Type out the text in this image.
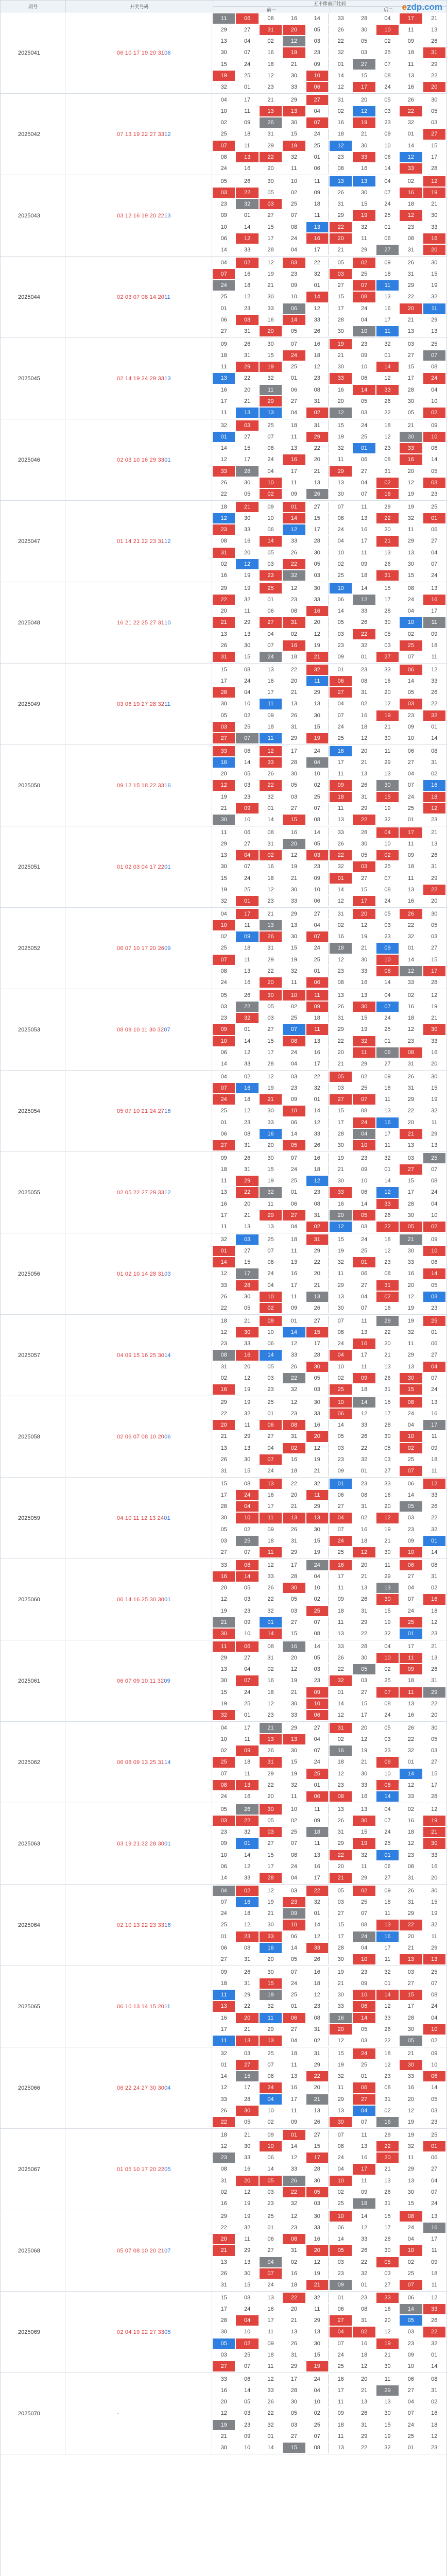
期号	开奖号码
五不像前后比较
前一	后二	ezdp.com
2025041	06 10 17 19 20 31 06
11	06	08	16	14	33	28	04	17	21
29	27	31	20	05	26	30	10	11	13
13	04	02	12	03	22	05	02	09	26
30	07	16	19	23	32	03	25	18	31
15	24	18	21	09	01	27	07	11	29
19	25	12	30	10	14	15	08	13	22
32	01	23	33	06	12	17	24	16	20
2025042	07 13 19 22 27 33 12
04	17	21	29	27	31	20	05	26	30
10	11	13	13	04	02	12	03	22	05
02	09	26	30	07	16	19	23	32	03
25	18	31	15	24	18	21	09	01	27
07	11	29	19	25	12	30	10	14	15
08	13	22	32	01	23	33	06	12	17
24	16	20	11	06	08	16	14	33	28
2025043	03 12 16 19 20 22 13
05	26	30	10	11	13	13	04	02	12
03	22	05	02	09	26	30	07	16	19
23	32	03	25	18	31	15	24	18	21
09	01	27	07	11	29	19	25	12	30
10	14	15	08	13	22	32	01	23	33
06	12	17	24	16	20	11	06	08	16
14	33	28	04	17	21	29	27	31	20
2025044	02 03 07 08 14 20 11
04	02	12	03	22	05	02	09	26	30
07	16	19	23	32	03	25	18	31	15
24	18	21	09	01	27	07	11	29	19
25	12	30	10	14	15	08	13	22	32
01	23	33	06	12	17	24	16	20	11
06	08	16	14	33	28	04	17	21	29
27	31	20	05	26	30	10	11	13	13
2025045	02 14 19 24 29 33 13
09	26	30	07	16	19	23	32	03	25
18	31	15	24	18	21	09	01	27	07
11	29	19	25	12	30	10	14	15	08
13	22	32	01	23	33	06	12	17	24
16	20	11	06	08	16	14	33	28	04
17	21	29	27	31	20	05	26	30	10
11	13	13	04	02	12	03	22	05	02
2025046	02 03 10 16 29 33 01
32	03	25	18	31	15	24	18	21	09
01	27	07	11	29	19	25	12	30	10
14	15	08	13	22	32	01	23	33	06
12	17	24	16	20	11	06	08	16	14
33	28	04	17	21	29	27	31	20	05
26	30	10	11	13	13	04	02	12	03
22	05	02	09	26	30	07	16	19	23
2025047	01 14 21 22 23 31 12
18	21	09	01	27	07	11	29	19	25
12	30	10	14	15	08	13	22	32	01
23	33	06	12	17	24	16	20	11	06
08	16	14	33	28	04	17	21	29	27
31	20	05	26	30	10	11	13	13	04
02	12	03	22	05	02	09	26	30	07
16	19	23	32	03	25	18	31	15	24
2025048	16 21 22 25 27 31 10
29	19	25	12	30	10	14	15	08	13
22	32	01	23	33	06	12	17	24	16
20	11	06	08	16	14	33	28	04	17
21	29	27	31	20	05	26	30	10	11
13	13	04	02	12	03	22	05	02	09
26	30	07	16	19	23	32	03	25	18
31	15	24	18	21	09	01	27	07	11
2025049	03 06 19 27 28 32 11
15	08	13	22	32	01	23	33	06	12
17	24	16	20	11	06	08	16	14	33
28	04	17	21	29	27	31	20	05	26
30	10	11	13	13	04	02	12	03	22
05	02	09	26	30	07	16	19	23	32
03	25	18	31	15	24	18	21	09	01
27	07	11	29	19	25	12	30	10	14
2025050	09 12 15 18 22 33 16
33	06	12	17	24	16	20	11	06	08
16	14	33	28	04	17	21	29	27	31
20	05	26	30	10	11	13	13	04	02
12	03	22	05	02	09	26	30	07	16
19	23	32	03	25	18	31	15	24	18
21	09	01	27	07	11	29	19	25	12
30	10	14	15	08	13	22	32	01	23
2025051	01 02 03 04 17 22 01
11	06	08	16	14	33	28	04	17	21
29	27	31	20	05	26	30	10	11	13
13	04	02	12	03	22	05	02	09	26
30	07	16	19	23	32	03	25	18	31
15	24	18	21	09	01	27	07	11	29
19	25	12	30	10	14	15	08	13	22
32	01	23	33	06	12	17	24	16	20
2025052	06 07 10 17 20 26 09
04	17	21	29	27	31	20	05	26	30
10	11	13	13	04	02	12	03	22	05
02	09	26	30	07	16	19	23	32	03
25	18	31	15	24	18	21	09	01	27
07	11	29	19	25	12	30	10	14	15
08	13	22	32	01	23	33	06	12	17
24	16	20	11	06	08	16	14	33	28
2025053	08 09 10 11 30 32 07
05	26	30	10	11	13	13	04	02	12
03	22	05	02	09	26	30	07	16	19
23	32	03	25	18	31	15	24	18	21
09	01	27	07	11	29	19	25	12	30
10	14	15	08	13	22	32	01	23	33
06	12	17	24	16	20	11	06	08	16
14	33	28	04	17	21	29	27	31	20
2025054	05 07 10 21 24 27 16
04	02	12	03	22	05	02	09	26	30
07	16	19	23	32	03	25	18	31	15
24	18	21	09	01	27	07	11	29	19
25	12	30	10	14	15	08	13	22	32
01	23	33	06	12	17	24	16	20	11
06	08	16	14	33	28	04	17	21	29
27	31	20	05	26	30	10	11	13	13
2025055	02 05 22 27 29 33 12
09	26	30	07	16	19	23	32	03	25
18	31	15	24	18	21	09	01	27	07
11	29	19	25	12	30	10	14	15	08
13	22	32	01	23	33	06	12	17	24
16	20	11	06	08	16	14	33	28	04
17	21	29	27	31	20	05	26	30	10
11	13	13	04	02	12	03	22	05	02
2025056	01 02 10 14 28 31 03
32	03	25	18	31	15	24	18	21	09
01	27	07	11	29	19	25	12	30	10
14	15	08	13	22	32	01	23	33	06
12	17	24	16	20	11	06	08	16	14
33	28	04	17	21	29	27	31	20	05
26	30	10	11	13	13	04	02	12	03
22	05	02	09	26	30	07	16	19	23
2025057	04 09 15 16 25 30 14
18	21	09	01	27	07	11	29	19	25
12	30	10	14	15	08	13	22	32	01
23	33	06	12	17	24	16	20	11	06
08	16	14	33	28	04	17	21	29	27
31	20	05	26	30	10	11	13	13	04
02	12	03	22	05	02	09	26	30	07
16	19	23	32	03	25	18	31	15	24
2025058	02 06 07 08 10 20 06
29	19	25	12	30	10	14	15	08	13
22	32	01	23	33	06	12	17	24	16
20	11	06	08	16	14	33	28	04	17
21	29	27	31	20	05	26	30	10	11
13	13	04	02	12	03	22	05	02	09
26	30	07	16	19	23	32	03	25	18
31	15	24	18	21	09	01	27	07	11
2025059	04 10 11 12 13 24 01
15	08	13	22	32	01	23	33	06	12
17	24	16	20	11	06	08	16	14	33
28	04	17	21	29	27	31	20	05	26
30	10	11	13	13	04	02	12	03	22
05	02	09	26	30	07	16	19	23	32
03	25	18	31	15	24	18	21	09	01
27	07	11	29	19	25	12	30	10	14
2025060	06 14 16 25 30 30 01
33	06	12	17	24	16	20	11	06	08
16	14	33	28	04	17	21	29	27	31
20	05	26	30	10	11	13	13	04	02
12	03	22	05	02	09	26	30	07	16
19	23	32	03	25	18	31	15	24	18
21	09	01	27	07	11	29	19	25	12
30	10	14	15	08	13	22	32	01	23
2025061	06 07 09 10 11 32 09
11	06	08	16	14	33	28	04	17	21
29	27	31	20	05	26	30	10	11	13
13	04	02	12	03	22	05	02	09	26
30	07	16	19	23	32	03	25	18	31
15	24	18	21	09	01	27	07	11	29
19	25	12	30	10	14	15	08	13	22
32	01	23	33	06	12	17	24	16	20
2025062	06 08 09 13 25 31 14
04	17	21	29	27	31	20	05	26	30
10	11	13	13	04	02	12	03	22	05
02	09	26	30	07	16	19	23	32	03
25	18	31	15	24	18	21	09	01	27
07	11	29	19	25	12	30	10	14	15
08	13	22	32	01	23	33	06	12	17
24	16	20	11	06	08	16	14	33	28
2025063	03 19 21 22 28 30 01
05	26	30	10	11	13	13	04	02	12
03	22	05	02	09	26	30	07	16	19
23	32	03	25	18	31	15	24	18	21
09	01	27	07	11	29	19	25	12	30
10	14	15	08	13	22	32	01	23	33
06	12	17	24	16	20	11	06	08	16
14	33	28	04	17	21	29	27	31	20
2025064	02 10 13 22 23 33 16
04	02	12	03	22	05	02	09	26	30
07	16	19	23	32	03	25	18	31	15
24	18	21	09	01	27	07	11	29	19
25	12	30	10	14	15	08	13	22	32
01	23	33	06	12	17	24	16	20	11
06	08	16	14	33	28	04	17	21	29
27	31	20	05	26	30	10	11	13	13
2025065	06 10 13 14 15 20 11
09	26	30	07	16	19	23	32	03	25
18	31	15	24	18	21	09	01	27	07
11	29	19	25	12	30	10	14	15	08
13	22	32	01	23	33	06	12	17	24
16	20	11	06	08	16	14	33	28	04
17	21	29	27	31	20	05	26	30	10
11	13	13	04	02	12	03	22	05	02
2025066	06 22 24 27 30 30 04
32	03	25	18	31	15	24	18	21	09
01	27	07	11	29	19	25	12	30	10
14	15	08	13	22	32	01	23	33	06
12	17	24	16	20	11	06	08	16	14
33	28	04	17	21	29	27	31	20	05
26	30	10	11	13	13	04	02	12	03
22	05	02	09	26	30	07	16	19	23
2025067	01 05 10 17 20 22 05
18	21	09	01	27	07	11	29	19	25
12	30	10	14	15	08	13	22	32	01
23	33	06	12	17	24	16	20	11	06
08	16	14	33	28	04	17	21	29	27
31	20	05	26	30	10	11	13	13	04
02	12	03	22	05	02	09	26	30	07
16	19	23	32	03	25	18	31	15	24
2025068	05 07 08 10 20 21 07
29	19	25	12	30	10	14	15	08	13
22	32	01	23	33	06	12	17	24	16
20	11	06	08	16	14	33	28	04	17
21	29	27	31	20	05	26	30	10	11
13	13	04	02	12	03	22	05	02	09
26	30	07	16	19	23	32	03	25	18
31	15	24	18	21	09	01	27	07	11
2025069	02 04 19 22 27 33 05
15	08	13	22	32	01	23	33	06	12
17	24	16	20	11	06	08	16	14	33
28	04	17	21	29	27	31	20	05	26
30	10	11	13	13	04	02	12	03	22
05	02	09	26	30	07	16	19	23	32
03	25	18	31	15	24	18	21	09	01
27	07	11	29	19	25	12	30	10	14
2025070	-
33	06	12	17	24	16	20	11	06	08
16	14	33	28	04	17	21	29	27	31
20	05	26	30	10	11	13	13	04	02
12	03	22	05	02	09	26	30	07	16
19	23	32	03	25	18	31	15	24	18
21	09	01	27	07	11	29	19	25	12
30	10	14	15	08	13	22	32	01	23
